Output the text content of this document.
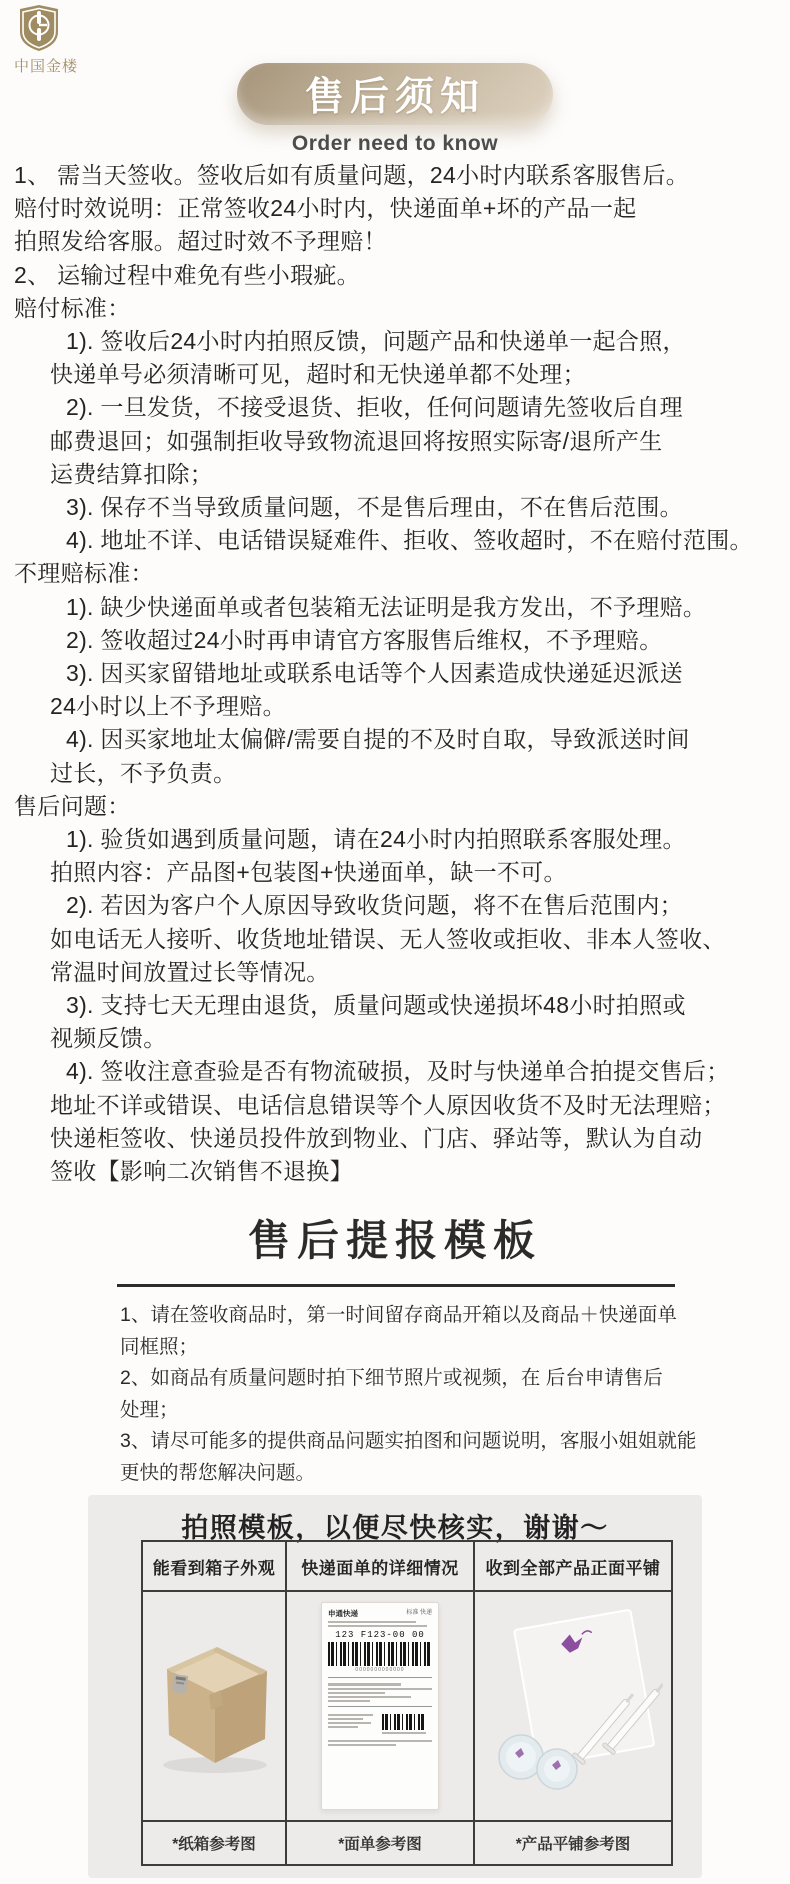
中国金楼
售后须知
Order need to know
1、 需当天签收。签收后如有质量问题，24小时内联系客服售后。
赔付时效说明：正常签收24小时内，快递面单+坏的产品一起
拍照发给客服。超过时效不予理赔！
2、 运输过程中难免有些小瑕疵。
赔付标准：
1). 签收后24小时内拍照反馈，问题产品和快递单一起合照，
快递单号必须清晰可见，超时和无快递单都不处理；
2). 一旦发货，不接受退货、拒收，任何问题请先签收后自理
邮费退回；如强制拒收导致物流退回将按照实际寄/退所产生
运费结算扣除；
3). 保存不当导致质量问题，不是售后理由，不在售后范围。
4). 地址不详、电话错误疑难件、拒收、签收超时，不在赔付范围。
不理赔标准：
1). 缺少快递面单或者包装箱无法证明是我方发出，不予理赔。
2). 签收超过24小时再申请官方客服售后维权，不予理赔。
3). 因买家留错地址或联系电话等个人因素造成快递延迟派送
24小时以上不予理赔。
4). 因买家地址太偏僻/需要自提的不及时自取，导致派送时间
过长，不予负责。
售后问题：
1). 验货如遇到质量问题，请在24小时内拍照联系客服处理。
拍照内容：产品图+包装图+快递面单，缺一不可。
2). 若因为客户个人原因导致收货问题，将不在售后范围内；
如电话无人接听、收货地址错误、无人签收或拒收、非本人签收、
常温时间放置过长等情况。
3). 支持七天无理由退货，质量问题或快递损坏48小时拍照或
视频反馈。
4). 签收注意查验是否有物流破损，及时与快递单合拍提交售后；
地址不详或错误、电话信息错误等个人原因收货不及时无法理赔；
快递柜签收、快递员投件放到物业、门店、驿站等，默认为自动
签收【影响二次销售不退换】
售后提报模板
1、请在签收商品时，第一时间留存商品开箱以及商品＋快递面单
同框照；
2、如商品有质量问题时拍下细节照片或视频，在 后台申请售后
处理；
3、请尽可能多的提供商品问题实拍图和问题说明，客服小姐姐就能
更快的帮您解决问题。
拍照模板，以便尽快核实，谢谢～
能看到箱子外观	快递面单的详细情况	收到全部产品正面平铺

申通快递 标准 快递
123 F123-00 00
0000000000000

*纸箱参考图	*面单参考图	*产品平铺参考图
